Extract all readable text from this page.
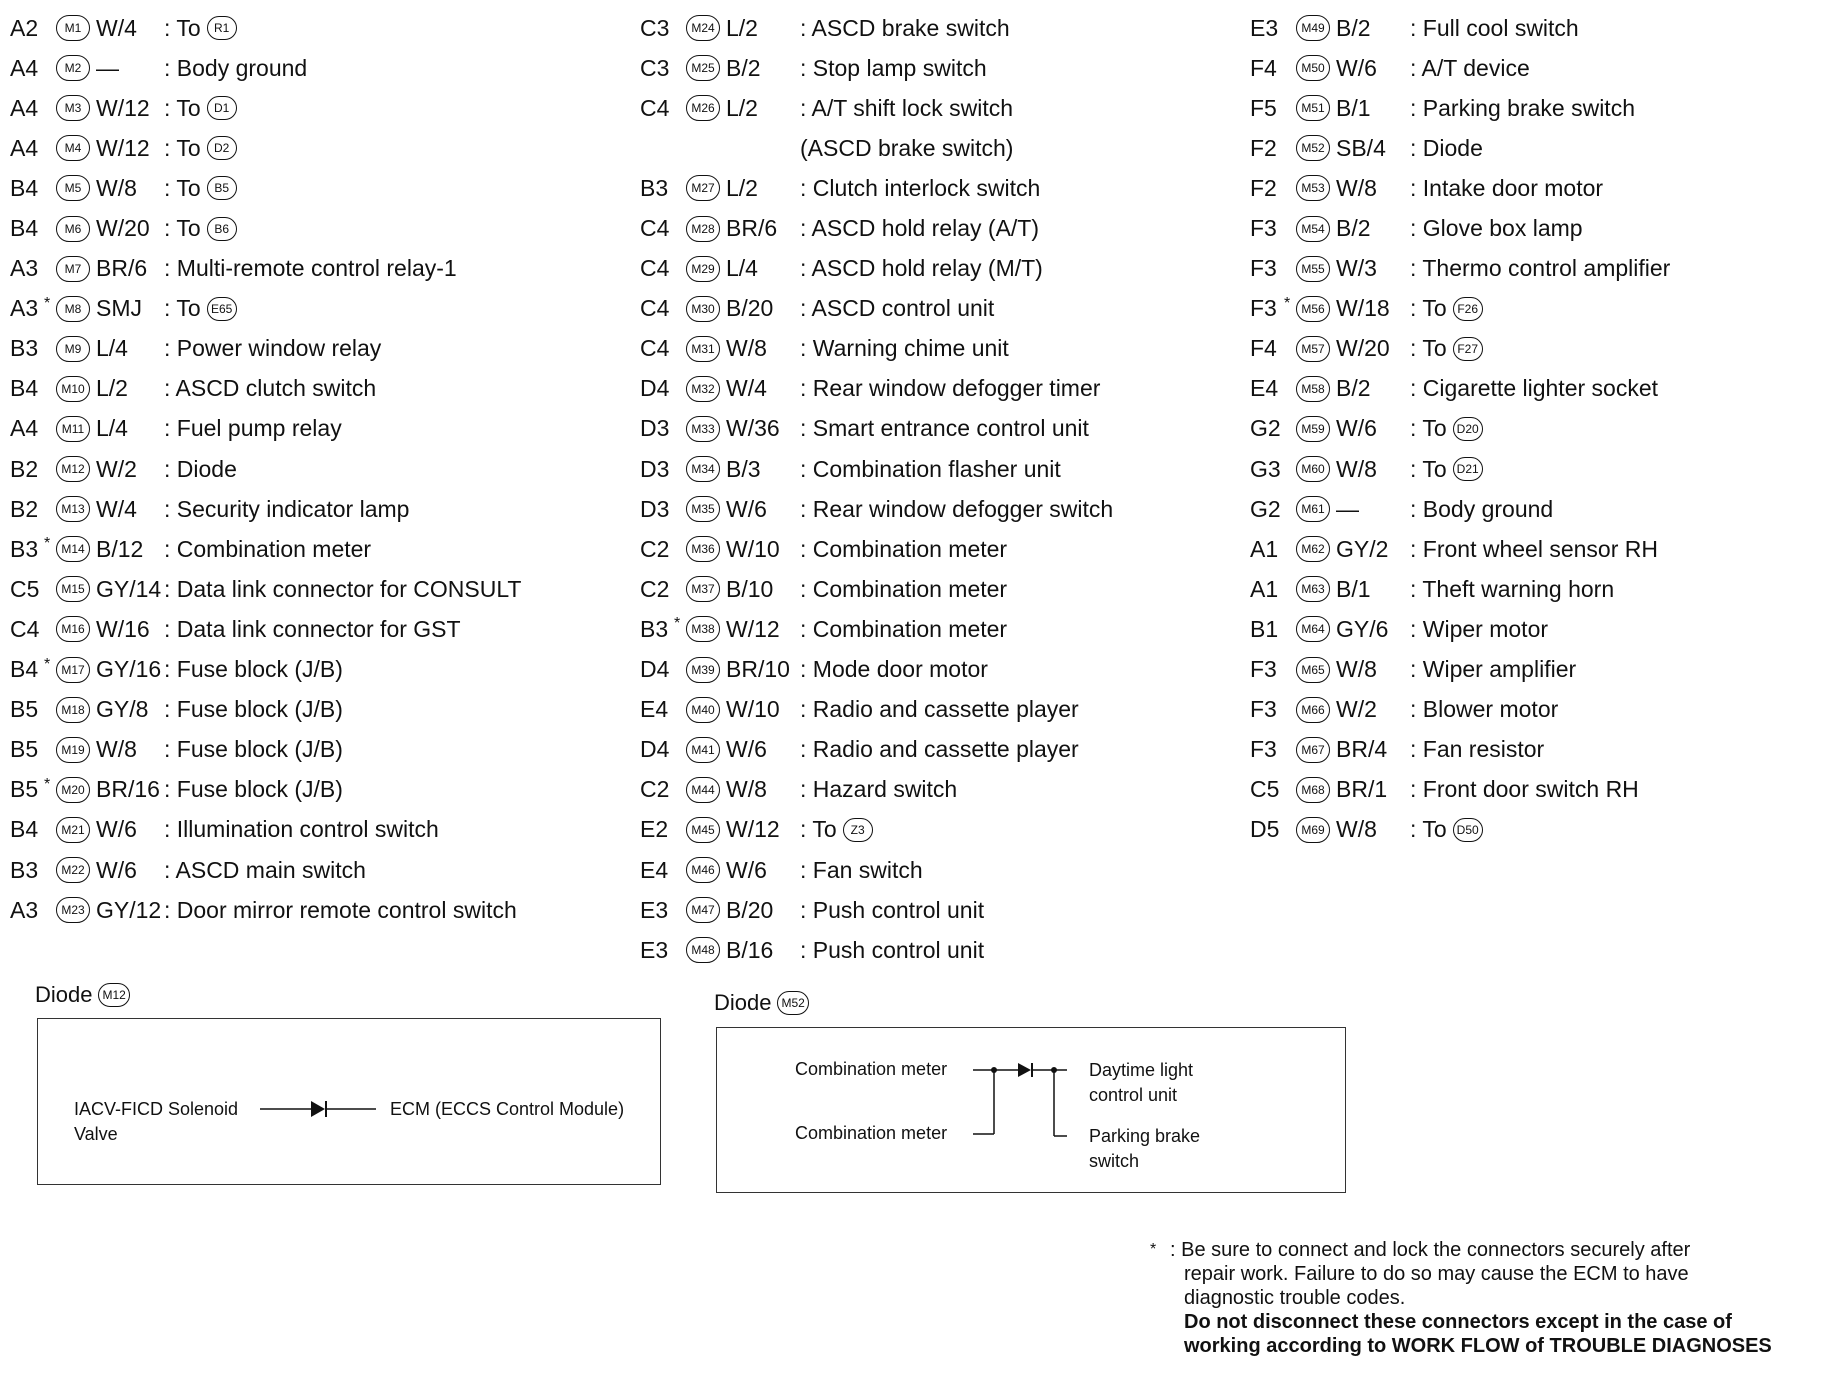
A2	M1 W/4	: To	R1
A4	M2 —	: Body ground
A4	M3 W/12 : To	D1
A4	M4 W/12 : To	D2
B4	M5 W/8	: To	B5
B4	M6 W/20 : To	B6
A3	M7 BR/6 : Multi-remote control relay-1
A3 *	M8 SMJ : To E65
B3	M9 L/4	: Power window relay
B4	M10 L/2	: ASCD clutch switch
A4	M11 L/4	: Fuel pump relay
B2	M12 W/2	: Diode
B2	M13 W/4	: Security indicator lamp
B3 * M14 B/12 : Combination meter
C5	M15 GY/14 : Data link connector for CONSULT
C4	M16 W/16 : Data link connector for GST
B4 * M17 GY/16 : Fuse block (J/B)
B5	M18 GY/8 : Fuse block (J/B)
B5	M19 W/8	: Fuse block (J/B)
B5 * M20 BR/16 : Fuse block (J/B)
B4	M21 W/6	: Illumination control switch
B3	M22 W/6	: ASCD main switch
A3	M23 GY/12 : Door mirror remote control switch
C3	M24 L/2	: ASCD brake switch
C3	M25 B/2	: Stop lamp switch
C4	M26 L/2	: A/T shift lock switch
(ASCD brake switch)
B3	M27 L/2	: Clutch interlock switch
C4	M28 BR/6 : ASCD hold relay (A/T)
C4	M29 L/4	: ASCD hold relay (M/T)
C4	M30 B/20	: ASCD control unit
C4	M31 W/8	: Warning chime unit
D4	M32 W/4	: Rear window defogger timer
D3	M33 W/36 : Smart entrance control unit
D3	M34 B/3	: Combination flasher unit
D3	M35 W/6	: Rear window defogger switch
C2	M36 W/10 : Combination meter
C2	M37 B/10	: Combination meter
B3 * M38 W/12 : Combination meter
D4	M39 BR/10 : Mode door motor
E4	M40 W/10 : Radio and cassette player
D4	M41 W/6	: Radio and cassette player
C2	M44 W/8	: Hazard switch
E2	M45 W/12 : To	Z3
E4	M46 W/6	: Fan switch
E3	M47 B/20	: Push control unit
E3	M48 B/16	: Push control unit
E3	M49 B/2	: Full cool switch
F4	M50 W/6	: A/T device
F5	M51 B/1	: Parking brake switch
F2	M52 SB/4	: Diode
F2	M53 W/8	: Intake door motor
F3	M54 B/2	: Glove box lamp
F3	M55 W/3	: Thermo control amplifier
F3 * M56 W/18 : To F26
F4	M57 W/20 : To F27
E4	M58 B/2	: Cigarette lighter socket
G2	M59 W/6	: To D20
G3	M60 W/8	: To D21
G2	M61 —	: Body ground
A1	M62 GY/2 : Front wheel sensor RH
A1	M63 B/1	: Theft warning horn
B1	M64 GY/6 : Wiper motor
F3	M65 W/8	: Wiper amplifier
F3	M66 W/2	: Blower motor
F3	M67 BR/4 : Fan resistor
C5	M68 BR/1 : Front door switch RH
D5	M69 W/8	: To D50
Diode M12
IACV-FICD Solenoid
Valve
ECM (ECCS Control Module)
Diode M52
Combination meter
Combination meter
Daytime light
control unit
Parking brake
switch
* : Be sure to connect and lock the connectors securely after
repair work. Failure to do so may cause the ECM to have
diagnostic trouble codes.
Do not disconnect these connectors except in the case of
working according to WORK FLOW of TROUBLE DIAGNOSES
